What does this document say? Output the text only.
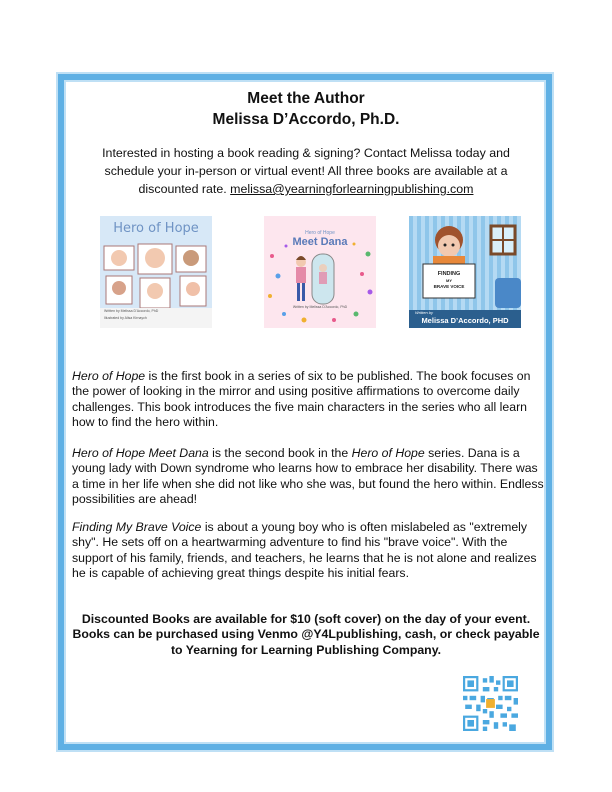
Meet the Author
Melissa D’Accordo, Ph.D.
Interested in hosting a book reading & signing? Contact Melissa today and schedule your in-person or virtual event! All three books are available at a discounted rate. melissa@yearningforlearningpublishing.com
Hero of Hope
Written by Melissa D'Accordo, PhD
Illustrated by Alisa Kirnaych
Hero of Hope
Meet Dana
Written by Melissa D'Accordo, PhD
FINDING
MY
BRAVE VOICE
Written by
Melissa D’Accordo, PHD
Hero of Hope is the first book in a series of six to be published. The book focuses on the power of looking in the mirror and using positive affirmations to overcome daily challenges. This book introduces the five main characters in the series who all learn how to find the hero within.
Hero of Hope Meet Dana is the second book in the Hero of Hope series. Dana is a young lady with Down syndrome who learns how to embrace her disability. There was a time in her life when she did not like who she was, but found the hero within. Endless possibilities are ahead!
Finding My Brave Voice is about a young boy who is often mislabeled as "extremely shy". He sets off on a heartwarming adventure to find his "brave voice". With the support of his family, friends, and teachers, he learns that he is not alone and realizes he is capable of achieving great things despite his initial fears.
Discounted Books are available for $10 (soft cover) on the day of your event. Books can be purchased using Venmo @Y4Lpublishing, cash, or check payable to Yearning for Learning Publishing Company.
